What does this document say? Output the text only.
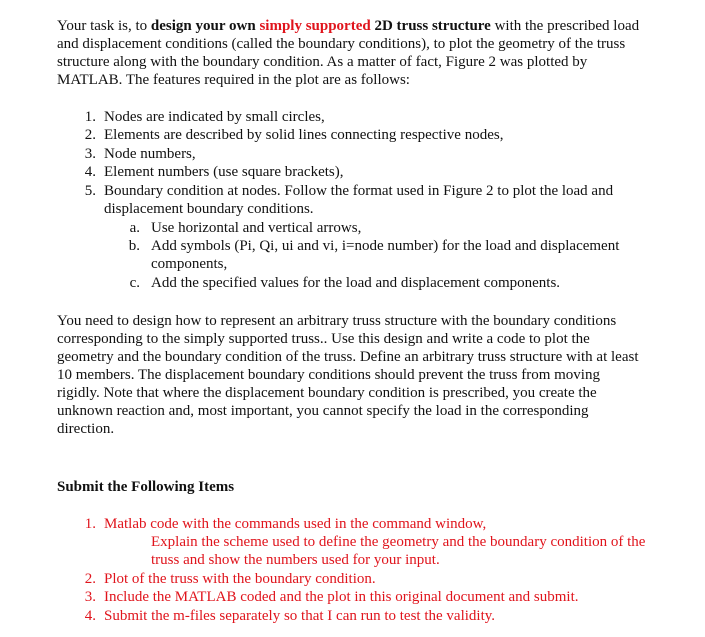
Your task is, to design your own simply supported 2D truss structure with the prescribed load
and displacement conditions (called the boundary conditions), to plot the geometry of the truss
structure along with the boundary condition. As a matter of fact, Figure 2 was plotted by
MATLAB. The features required in the plot are as follows:
1. Nodes are indicated by small circles,
2. Elements are described by solid lines connecting respective nodes,
3. Node numbers,
4. Element numbers (use square brackets),
5. Boundary condition at nodes. Follow the format used in Figure 2 to plot the load and
displacement boundary conditions.
a. Use horizontal and vertical arrows,
b. Add symbols (Pi, Qi, ui and vi, i=node number) for the load and displacement
components,
c. Add the specified values for the load and displacement components.
You need to design how to represent an arbitrary truss structure with the boundary conditions
corresponding to the simply supported truss.. Use this design and write a code to plot the
geometry and the boundary condition of the truss. Define an arbitrary truss structure with at least
10 members. The displacement boundary conditions should prevent the truss from moving
rigidly. Note that where the displacement boundary condition is prescribed, you create the
unknown reaction and, most important, you cannot specify the load in the corresponding
direction.
Submit the Following Items
1. Matlab code with the commands used in the command window,
Explain the scheme used to define the geometry and the boundary condition of the
truss and show the numbers used for your input.
2. Plot of the truss with the boundary condition.
3. Include the MATLAB coded and the plot in this original document and submit.
4. Submit the m-files separately so that I can run to test the validity.
